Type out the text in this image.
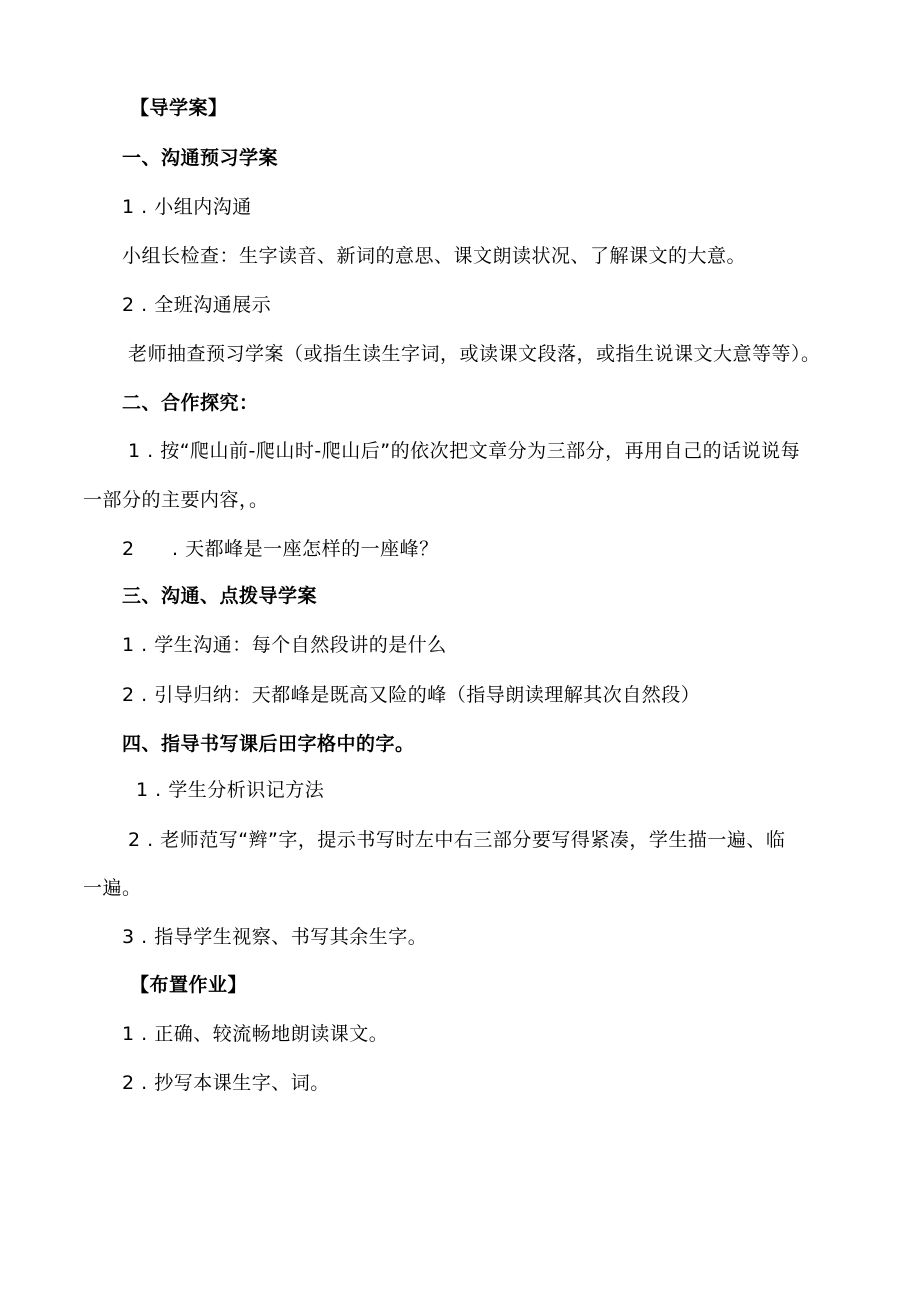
【导学案】
一、沟通预习学案
1 . 小组内沟通
小组长检查：生字读音、新词的意思、课文朗读状况、了解课文的大意。
2 . 全班沟通展示
老师抽查预习学案（或指生读生字词，或读课文段落，或指生说课文大意等等）。
二、合作探究：
1 . 按“爬山前-爬山时-爬山后”的依次把文章分为三部分，再用自己的话说说每
一部分的主要内容，。
2 . 天都峰是一座怎样的一座峰？
三、沟通、点拨导学案
1 . 学生沟通：每个自然段讲的是什么
2 . 引导归纳：天都峰是既高又险的峰（指导朗读理解其次自然段）
四、指导书写课后田字格中的字。
1 . 学生分析识记方法
2 . 老师范写“辫”字，提示书写时左中右三部分要写得紧凑，学生描一遍、临
一遍。
3 . 指导学生视察、书写其余生字。
【布置作业】
1 . 正确、较流畅地朗读课文。
2 . 抄写本课生字、词。
